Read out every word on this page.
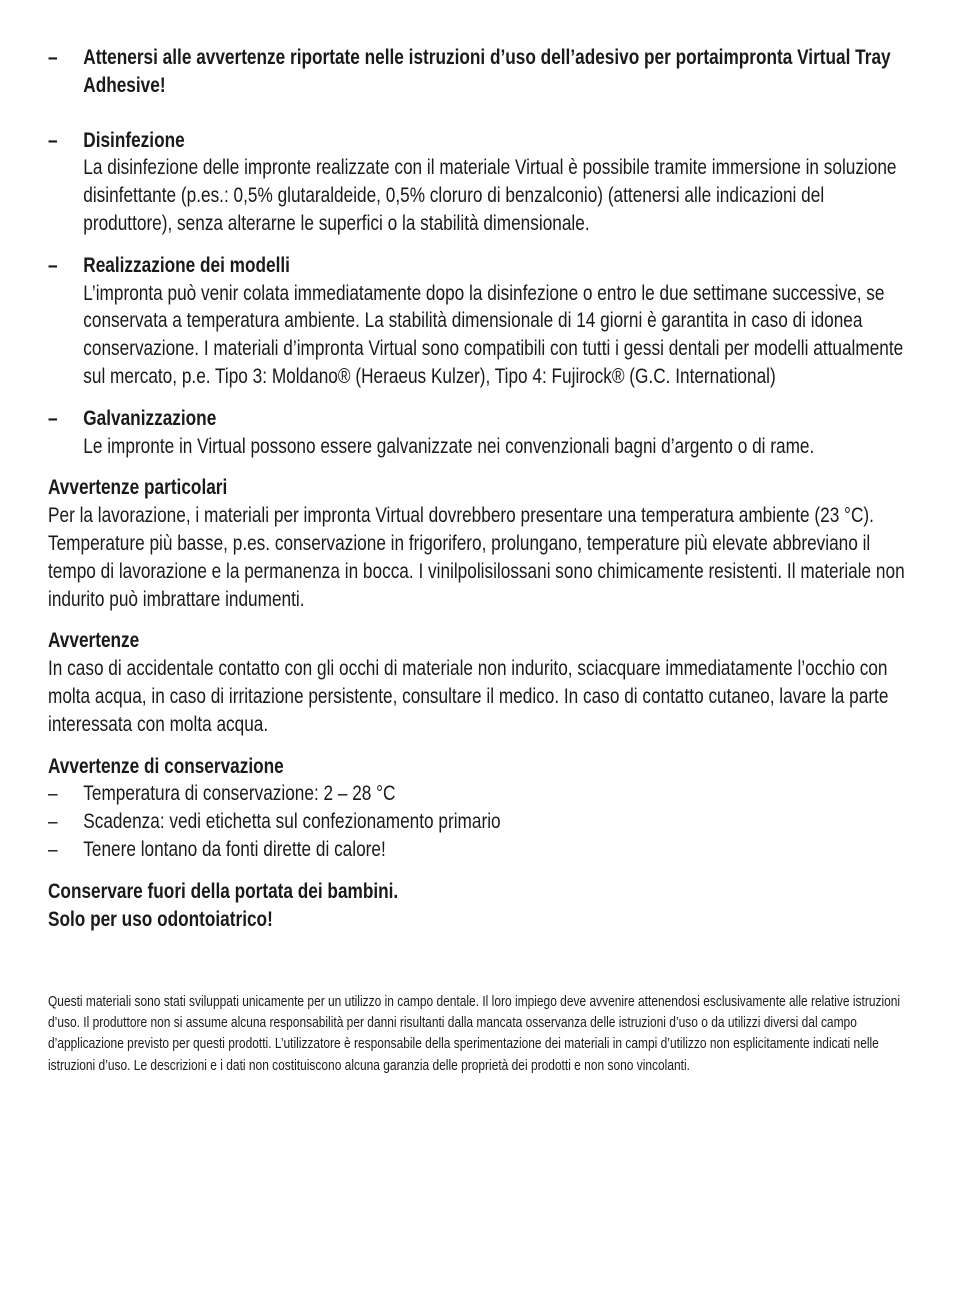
– Attenersi alle avvertenze riportate nelle istruzioni d’uso dell’adesivo per portaimpronta Virtual Tray Adhesive!

– Disinfezione

La disinfezione delle impronte realizzate con il materiale Virtual è possibile tramite immersione in soluzione disinfettante (p.es.: 0,5% glutaraldeide, 0,5% cloruro di benzalconio) (attenersi alle indicazioni del produttore), senza alterarne le superfici o la stabilità dimensionale.

– Realizzazione dei modelli

L’impronta può venir colata immediatamente dopo la disinfezione o entro le due settimane successive, se conservata a temperatura ambiente. La stabilità dimensionale di 14 giorni è garantita in caso di idonea conservazione. I materiali d’impronta Virtual sono compatibili con tutti i gessi dentali per modelli attualmente sul mercato, p.e. Tipo 3: Moldano® (Heraeus Kulzer), Tipo 4: Fujirock® (G.C. International)

– Galvanizzazione

Le impronte in Virtual possono essere galvanizzate nei convenzionali bagni d’argento o di rame.

Avvertenze particolari

Per la lavorazione, i materiali per impronta Virtual dovrebbero presentare una temperatura ambiente (23 °C). Temperature più basse, p.es. conservazione in frigorifero, prolungano, temperature più elevate abbreviano il tempo di lavorazione e la permanenza in bocca. I vinilpolisilossani sono chimicamente resistenti. Il materiale non indurito può imbrattare indumenti.

Avvertenze

In caso di accidentale contatto con gli occhi di materiale non indurito, sciacquare immediatamente l’occhio con molta acqua, in caso di irritazione persistente, consultare il medico. In caso di contatto cutaneo, lavare la parte interessata con molta acqua.

Avvertenze di conservazione

– Temperatura di conservazione: 2 – 28 °C

– Scadenza: vedi etichetta sul confezionamento primario

– Tenere lontano da fonti dirette di calore!

Conservare fuori della portata dei bambini.

Solo per uso odontoiatrico!

Questi materiali sono stati sviluppati unicamente per un utilizzo in campo dentale. Il loro impiego deve avvenire attenendosi esclusivamente alle relative istruzioni d’uso. Il produttore non si assume alcuna responsabilità per danni risultanti dalla mancata osservanza delle istruzioni d’uso o da utilizzi diversi dal campo d’applicazione previsto per questi prodotti. L’utilizzatore è responsabile della sperimentazione dei materiali in campi d’utilizzo non esplicitamente indicati nelle istruzioni d’uso. Le descrizioni e i dati non costituiscono alcuna garanzia delle proprietà dei prodotti e non sono vincolanti.
